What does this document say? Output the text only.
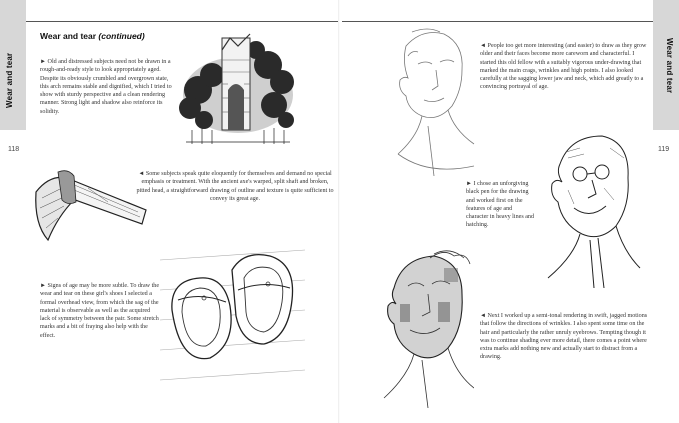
Wear and tear
118
Wear and tear (continued)
► Old and distressed subjects need not be drawn in a rough-and-ready style to look appropriately aged. Despite its obviously crumbled and overgrown state, this arch remains stable and dignified, which I tried to show with sturdy perspective and a clean rendering manner. Strong light and shadow also reinforce its solidity.
◄ Some subjects speak quite eloquently for themselves and demand no special emphasis or treatment. With the ancient axe's warped, split shaft and broken, pitted head, a straightforward drawing of outline and texture is quite sufficient to convey its great age.
► Signs of age may be more subtle. To draw the wear and tear on these girl's shoes I selected a formal overhead view, from which the sag of the material is observable as well as the acquired lack of symmetry between the pair. Some stretch marks and a bit of fraying also help with the effect.
Wear and tear
119
◄ People too get more interesting (and easier) to draw as they grow older and their faces become more careworn and characterful. I started this old fellow with a suitably vigorous under-drawing that marked the main crags, wrinkles and high points. I also looked carefully at the sagging lower jaw and neck, which add greatly to a convincing portrayal of age.
► I chose an unforgiving black pen for the drawing and worked first on the features of age and character in heavy lines and hatching.
◄ Next I worked up a semi-tonal rendering in swift, jagged motions that follow the directions of wrinkles. I also spent some time on the hair and particularly the rather unruly eyebrows. Tempting though it was to continue shading ever more detail, there comes a point where extra marks add nothing new and actually start to distract from a drawing.
